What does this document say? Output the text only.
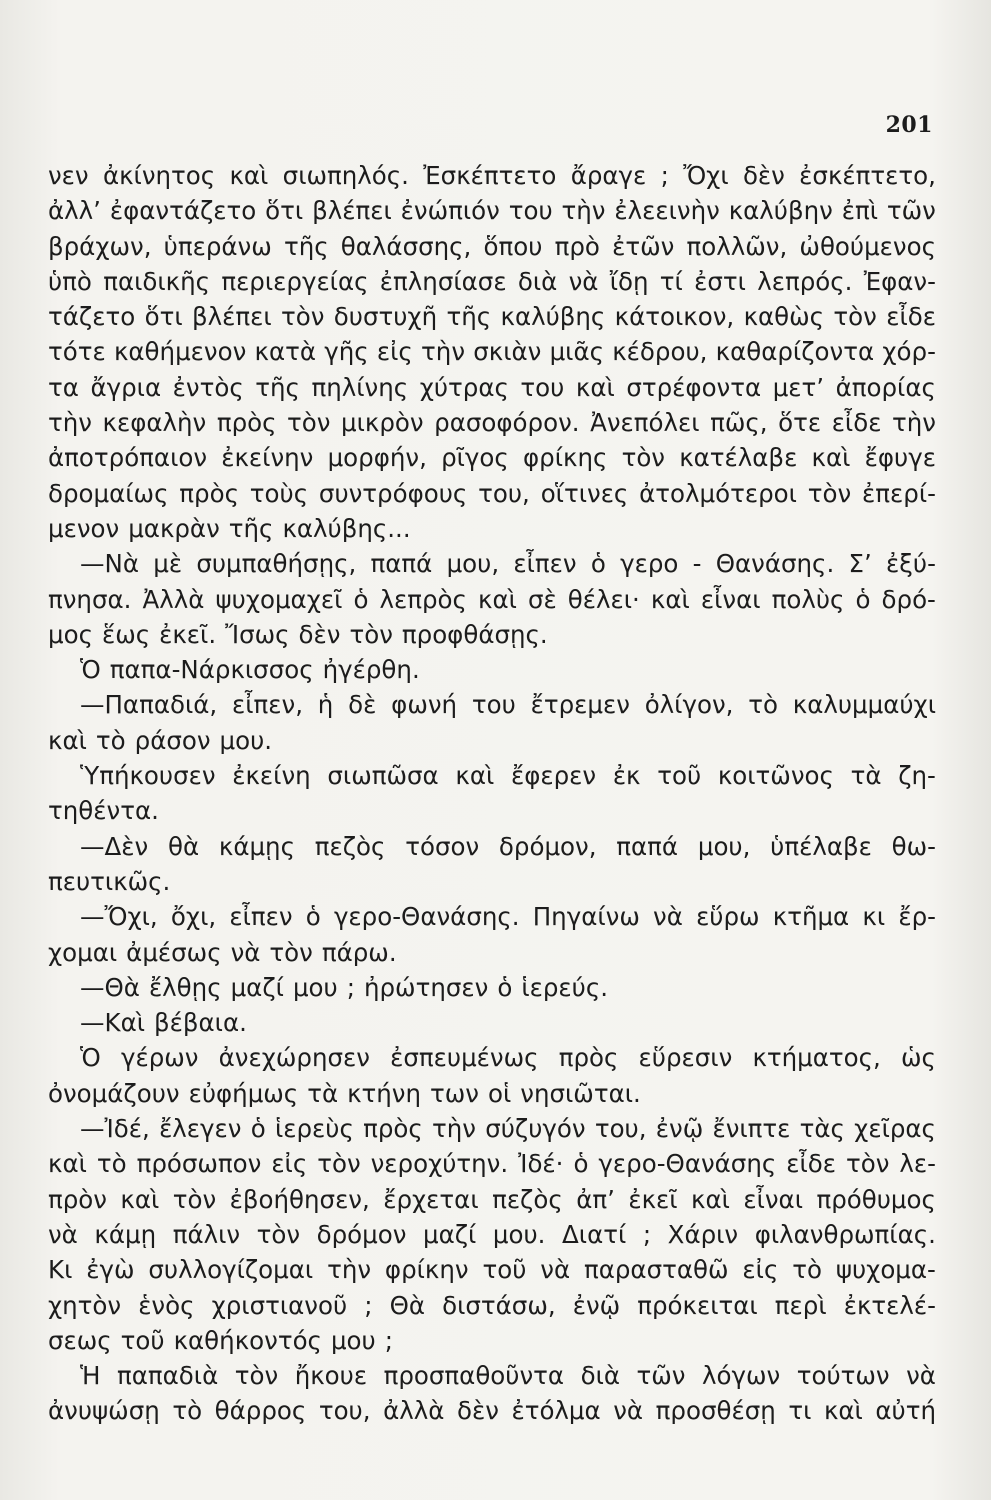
201
νεν ἀκίνητος καὶ σιωπηλός. Ἐσκέπτετο ἄραγε ; Ὄχι δὲν ἐσκέπτετο,
ἀλλ’ ἐφαντάζετο ὅτι βλέπει ἐνώπιόν του τὴν ἐλεεινὴν καλύβην ἐπὶ τῶν
βράχων, ὑπεράνω τῆς θαλάσσης, ὅπου πρὸ ἐτῶν πολλῶν, ὠθούμενος
ὑπὸ παιδικῆς περιεργείας ἐπλησίασε διὰ νὰ ἴδῃ τί ἐστι λεπρός. Ἐφαν-
τάζετο ὅτι βλέπει τὸν δυστυχῆ τῆς καλύβης κάτοικον, καθὼς τὸν εἶδε
τότε καθήμενον κατὰ γῆς εἰς τὴν σκιὰν μιᾶς κέδρου, καθαρίζοντα χόρ-
τα ἄγρια ἐντὸς τῆς πηλίνης χύτρας του καὶ στρέφοντα μετ’ ἀπορίας
τὴν κεφαλὴν πρὸς τὸν μικρὸν ρασοφόρον. Ἀνεπόλει πῶς, ὅτε εἶδε τὴν
ἀποτρόπαιον ἐκείνην μορφήν, ρῖγος φρίκης τὸν κατέλαβε καὶ ἔφυγε
δρομαίως πρὸς τοὺς συντρόφους του, οἵτινες ἀτολμότεροι τὸν ἐπερί-
μενον μακρὰν τῆς καλύβης...
—Νὰ μὲ συμπαθήσῃς, παπά μου, εἶπεν ὁ γερο - Θανάσης. Σ’ ἐξύ-
πνησα. Ἀλλὰ ψυχομαχεῖ ὁ λεπρὸς καὶ σὲ θέλει· καὶ εἶναι πολὺς ὁ δρό-
μος ἕως ἐκεῖ. Ἴσως δὲν τὸν προφθάσῃς.
Ὁ παπα-Νάρκισσος ἠγέρθη.
—Παπαδιά, εἶπεν, ἡ δὲ φωνή του ἔτρεμεν ὀλίγον, τὸ καλυμμαύχι
καὶ τὸ ράσον μου.
Ὑπήκουσεν ἐκείνη σιωπῶσα καὶ ἔφερεν ἐκ τοῦ κοιτῶνος τὰ ζη-
τηθέντα.
—Δὲν θὰ κάμῃς πεζὸς τόσον δρόμον, παπά μου, ὑπέλαβε θω-
πευτικῶς.
—Ὄχι, ὄχι, εἶπεν ὁ γερο-Θανάσης. Πηγαίνω νὰ εὕρω κτῆμα κι ἔρ-
χομαι ἀμέσως νὰ τὸν πάρω.
—Θὰ ἔλθῃς μαζί μου ; ἠρώτησεν ὁ ἱερεύς.
—Καὶ βέβαια.
Ὁ γέρων ἀνεχώρησεν ἐσπευμένως πρὸς εὕρεσιν κτήματος, ὡς
ὀνομάζουν εὐφήμως τὰ κτήνη των οἱ νησιῶται.
—Ἰδέ, ἔλεγεν ὁ ἱερεὺς πρὸς τὴν σύζυγόν του, ἐνῷ ἔνιπτε τὰς χεῖρας
καὶ τὸ πρόσωπον εἰς τὸν νεροχύτην. Ἰδέ· ὁ γερο-Θανάσης εἶδε τὸν λε-
πρὸν καὶ τὸν ἐβοήθησεν, ἔρχεται πεζὸς ἀπ’ ἐκεῖ καὶ εἶναι πρόθυμος
νὰ κάμῃ πάλιν τὸν δρόμον μαζί μου. Διατί ; Χάριν φιλανθρωπίας.
Κι ἐγὼ συλλογίζομαι τὴν φρίκην τοῦ νὰ παρασταθῶ εἰς τὸ ψυχομα-
χητὸν ἑνὸς χριστιανοῦ ; Θὰ διστάσω, ἐνῷ πρόκειται περὶ ἐκτελέ-
σεως τοῦ καθήκοντός μου ;
Ἡ παπαδιὰ τὸν ἤκουε προσπαθοῦντα διὰ τῶν λόγων τούτων νὰ
ἀνυψώσῃ τὸ θάρρος του, ἀλλὰ δὲν ἐτόλμα νὰ προσθέσῃ τι καὶ αὐτή
